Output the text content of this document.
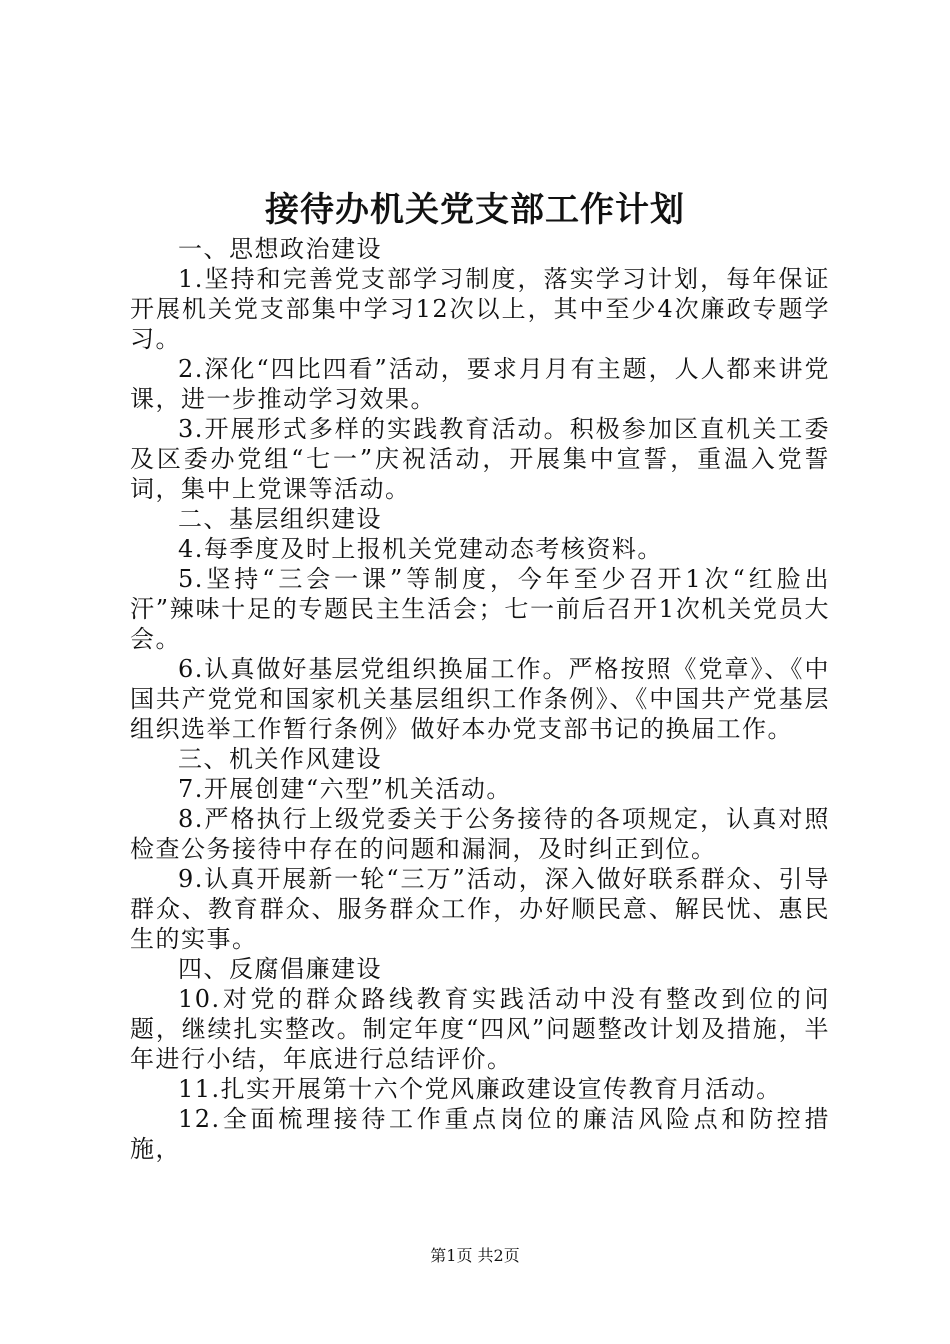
接待办机关党支部工作计划

一、思想政治建设

1.坚持和完善党支部学习制度，落实学习计划，每年保证开展机关党支部集中学习12次以上，其中至少4次廉政专题学习。

2.深化“四比四看”活动，要求月月有主题，人人都来讲党课，进一步推动学习效果。

3.开展形式多样的实践教育活动。积极参加区直机关工委及区委办党组“七一”庆祝活动，开展集中宣誓，重温入党誓词，集中上党课等活动。

二、基层组织建设

4.每季度及时上报机关党建动态考核资料。

5.坚持“三会一课”等制度，今年至少召开1次“红脸出汗”辣味十足的专题民主生活会；七一前后召开1次机关党员大会。

6.认真做好基层党组织换届工作。严格按照《党章》、《中国共产党党和国家机关基层组织工作条例》、《中国共产党基层组织选举工作暂行条例》做好本办党支部书记的换届工作。

三、机关作风建设

7.开展创建“六型”机关活动。

8.严格执行上级党委关于公务接待的各项规定，认真对照检查公务接待中存在的问题和漏洞，及时纠正到位。

9.认真开展新一轮“三万”活动，深入做好联系群众、引导群众、教育群众、服务群众工作，办好顺民意、解民忧、惠民生的实事。

四、反腐倡廉建设

10.对党的群众路线教育实践活动中没有整改到位的问题，继续扎实整改。制定年度“四风”问题整改计划及措施，半年进行小结，年底进行总结评价。

11.扎实开展第十六个党风廉政建设宣传教育月活动。

12.全面梳理接待工作重点岗位的廉洁风险点和防控措施，

第1页 共2页
